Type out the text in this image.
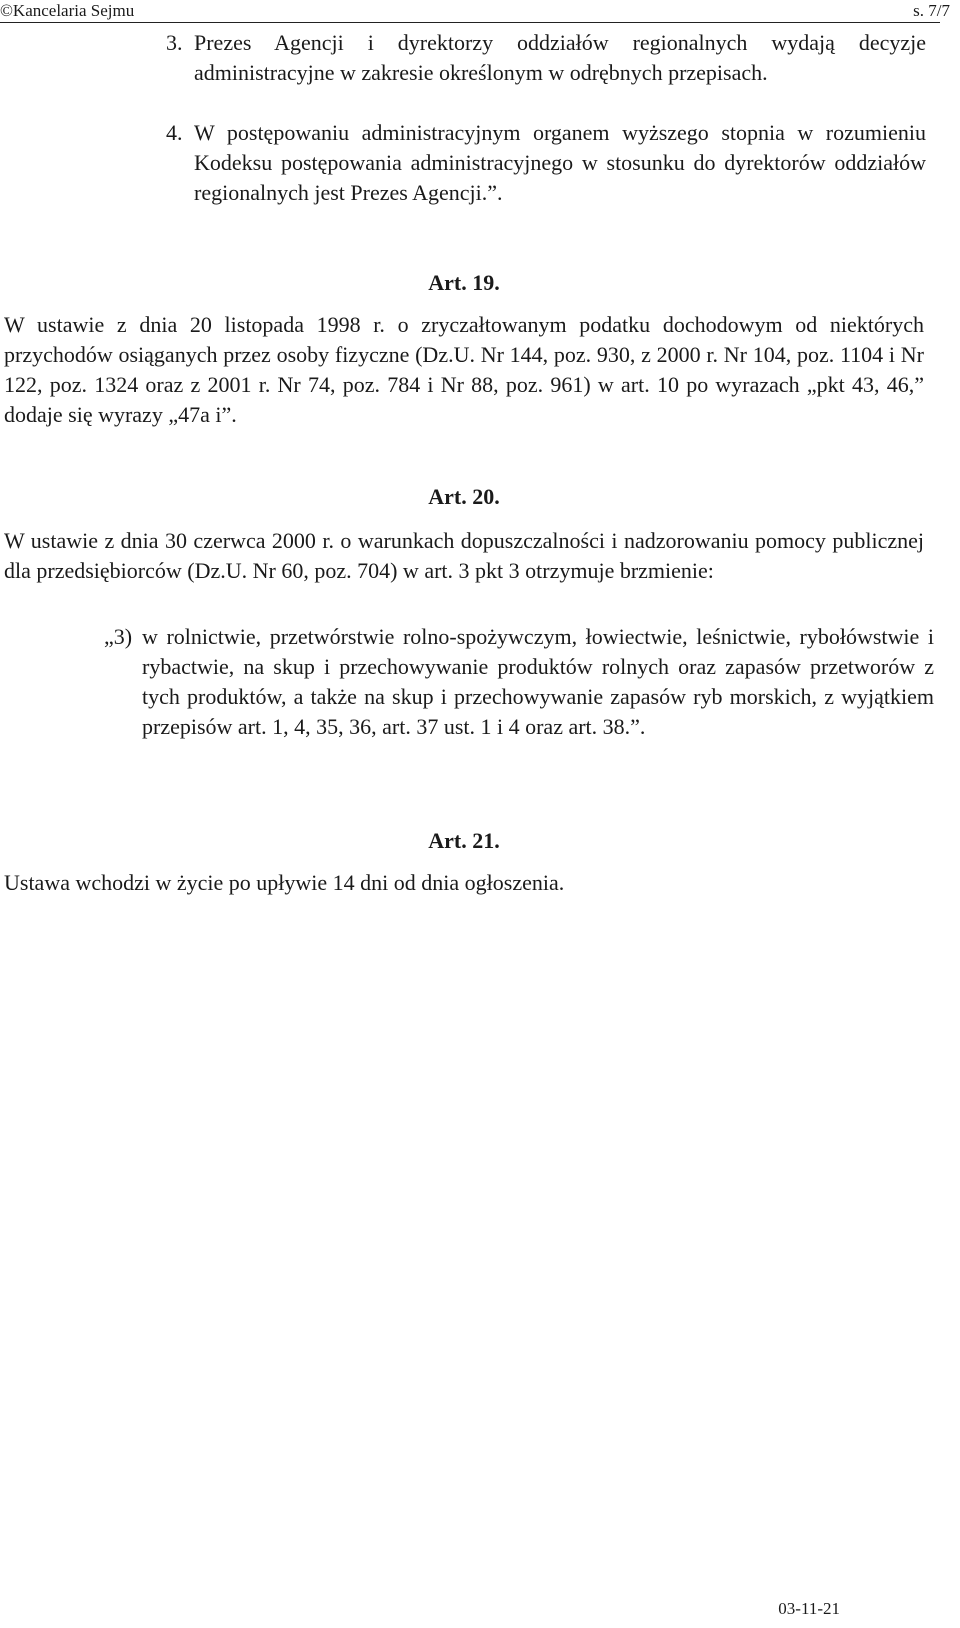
©Kancelaria Sejmu	s. 7/7
3. Prezes Agencji i dyrektorzy oddziałów regionalnych wydają decyzje administracyjne w zakresie określonym w odrębnych przepisach.
4. W postępowaniu administracyjnym organem wyższego stopnia w rozumieniu Kodeksu postępowania administracyjnego w stosunku do dyrektorów oddziałów regionalnych jest Prezes Agencji.”.
Art. 19.
W ustawie z dnia 20 listopada 1998 r. o zryczałtowanym podatku dochodowym od niektórych przychodów osiąganych przez osoby fizyczne (Dz.U. Nr 144, poz. 930, z 2000 r. Nr 104, poz. 1104 i Nr 122, poz. 1324 oraz z 2001 r. Nr 74, poz. 784 i Nr 88, poz. 961) w art. 10 po wyrazach „pkt 43, 46,” dodaje się wyrazy „47a i”.
Art. 20.
W ustawie z dnia 30 czerwca 2000 r. o warunkach dopuszczalności i nadzorowaniu pomocy publicznej dla przedsiębiorców (Dz.U. Nr 60, poz. 704) w art. 3 pkt 3 otrzymuje brzmienie:
„3) w rolnictwie, przetwórstwie rolno-spożywczym, łowiectwie, leśnictwie, rybołówstwie i rybactwie, na skup i przechowywanie produktów rolnych oraz zapasów przetworów z tych produktów, a także na skup i przechowywanie zapasów ryb morskich, z wyjątkiem przepisów art. 1, 4, 35, 36, art. 37 ust. 1 i 4 oraz art. 38.”.
Art. 21.
Ustawa wchodzi w życie po upływie 14 dni od dnia ogłoszenia.
03-11-21
